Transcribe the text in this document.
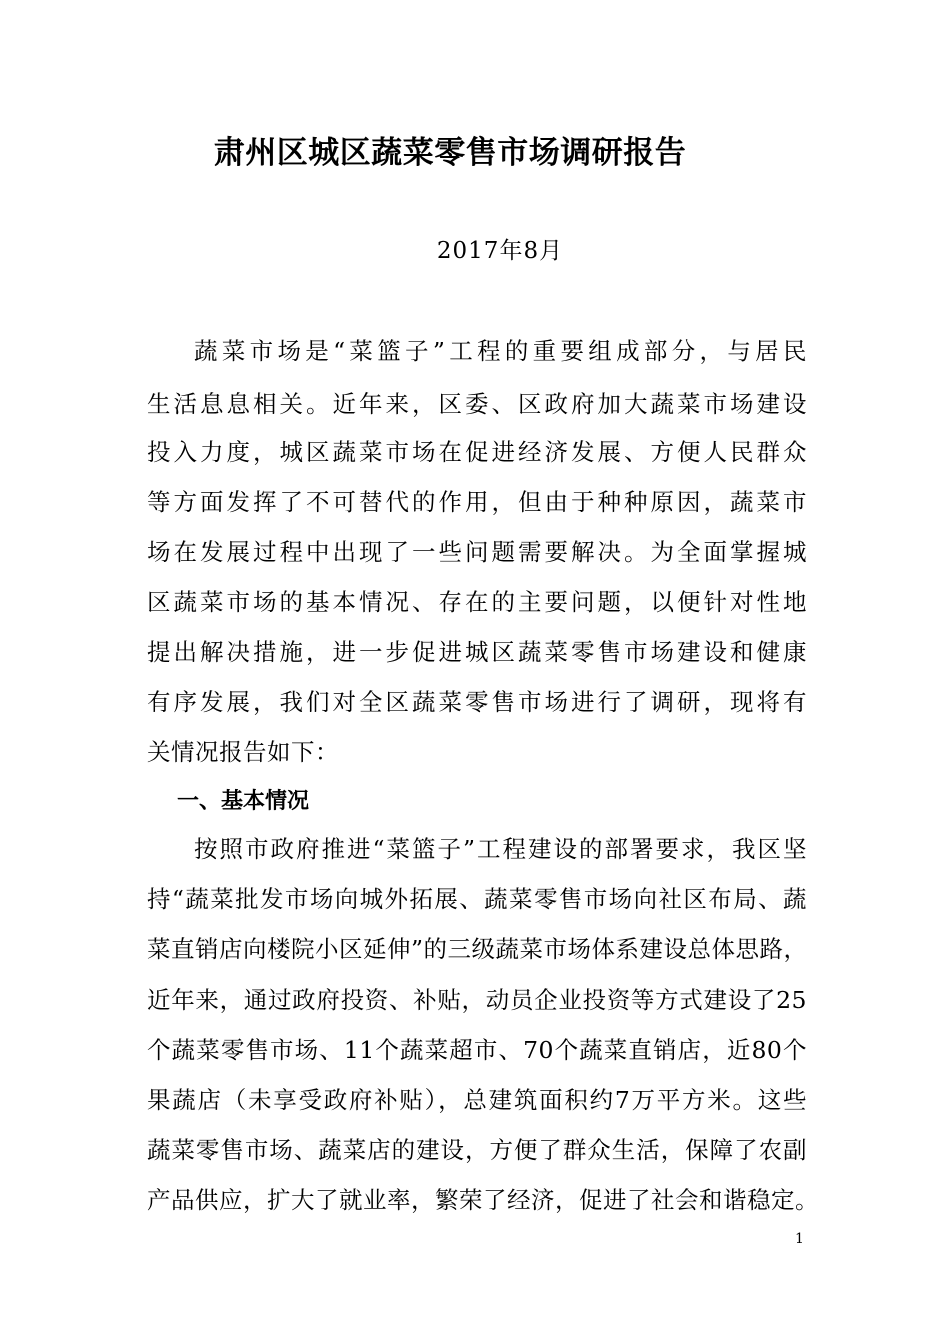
肃州区城区蔬菜零售市场调研报告
2017年8月
蔬菜市场是“菜篮子”工程的重要组成部分，与居民
生活息息相关。近年来，区委、区政府加大蔬菜市场建设
投入力度，城区蔬菜市场在促进经济发展、方便人民群众
等方面发挥了不可替代的作用，但由于种种原因，蔬菜市
场在发展过程中出现了一些问题需要解决。为全面掌握城
区蔬菜市场的基本情况、存在的主要问题，以便针对性地
提出解决措施，进一步促进城区蔬菜零售市场建设和健康
有序发展，我们对全区蔬菜零售市场进行了调研，现将有
关情况报告如下：
一、基本情况
按照市政府推进“菜篮子”工程建设的部署要求，我区坚
持“蔬菜批发市场向城外拓展、蔬菜零售市场向社区布局、蔬
菜直销店向楼院小区延伸”的三级蔬菜市场体系建设总体思路，
近年来，通过政府投资、补贴，动员企业投资等方式建设了25
个蔬菜零售市场、11个蔬菜超市、70个蔬菜直销店，近80个
果蔬店（未享受政府补贴），总建筑面积约7万平方米。这些
蔬菜零售市场、蔬菜店的建设，方便了群众生活，保障了农副
产品供应，扩大了就业率，繁荣了经济，促进了社会和谐稳定。
1
